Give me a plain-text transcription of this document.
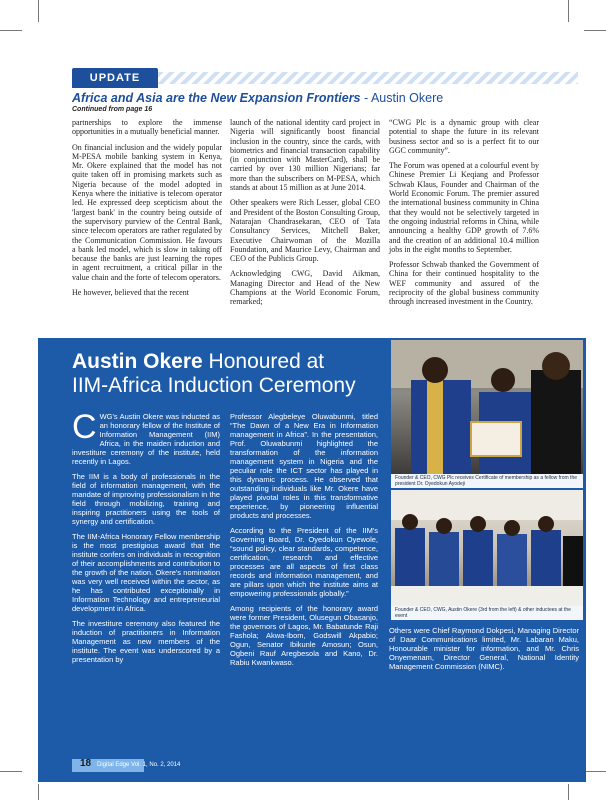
UPDATE
Africa and Asia are the New Expansion Frontiers - Austin Okere
Continued from page 16

partnerships to explore the immense opportunities in a mutually beneficial manner.

On financial inclusion and the widely popular M-PESA mobile banking system in Kenya, Mr. Okere explained that the model has not quite taken off in promising markets such as Nigeria because of the model adopted in Kenya where the initiative is telecom operator led. He expressed deep scepticism about the 'largest bank' in the country being outside of the supervisory purview of the Central Bank, since telecom operators are rather regulated by the Communication Commission. He favours a bank led model, which is slow in taking off because the banks are just learning the ropes in agent recruitment, a critical pillar in the value chain and the forte of telecom operators.

He however, believed that the recent

launch of the national identity card project in Nigeria will significantly boost financial inclusion in the country, since the cards, with biometrics and financial transaction capability (in conjunction with MasterCard), shall be carried by over 130 million Nigerians; far more than the subscribers on M-PESA, which stands at about 15 million as at June 2014.

Other speakers were Rich Lesser, global CEO and President of the Boston Consulting Group, Natarajan Chandrasekaran, CEO of Tata Consultancy Services, Mitchell Baker, Executive Chairwoman of the Mozilla Foundation, and Maurice Levy, Chairman and CEO of the Publicis Group.

Acknowledging CWG, David Aikman, Managing Director and Head of the New Champions at the World Economic Forum, remarked;

“CWG Plc is a dynamic group with clear potential to shape the future in its relevant business sector and so is a perfect fit to our GGC community”.

The Forum was opened at a colourful event by Chinese Premier Li Keqiang and Professor Schwab Klaus, Founder and Chairman of the World Economic Forum. The premier assured the international business community in China that they would not be selectively targeted in the ongoing industrial reforms in China, while announcing a healthy GDP growth of 7.6% and the creation of an additional 10.4 million jobs in the eight months to September.

Professor Schwab thanked the Government of China for their continued hospitality to the WEF community and assured of the reciprocity of the global business community through increased investment in the Country.

Austin Okere Honoured at
IIM-Africa Induction Ceremony

CWG's Austin Okere was inducted as an honorary fellow of the Institute of Information Management (IIM) Africa, in the maiden induction and investiture ceremony of the institute, held recently in Lagos.

The IIM is a body of professionals in the field of information management, with the mandate of improving professionalism in the field through mobilizing, training and inspiring practitioners using the tools of synergy and certification.

The IIM-Africa Honorary Fellow membership is the most prestigious award that the institute confers on individuals in recognition of their accomplishments and contribution to the growth of the nation. Okere's nomination was very well received within the sector, as he has contributed exceptionally in Information Technology and entrepreneurial development in Africa.

The investiture ceremony also featured the induction of practitioners in Information Management as new members of the institute. The event was underscored by a presentation by

Professor Alegbeleye Oluwabunmi, titled “The Dawn of a New Era in Information management in Africa”. In the presentation, Prof. Oluwabunmi highlighted the transformation of the information management system in Nigeria and the peculiar role the ICT sector has played in this dynamic process. He observed that outstanding individuals like Mr. Okere have played pivotal roles in this transformative experience, by pioneering influential products and processes.

According to the President of the IIM's Governing Board, Dr. Oyedokun Oyewole, “sound policy, clear standards, competence, certification, research and effective processes are all aspects of first class records and information management, and are pillars upon which the institute aims at empowering professionals globally.”

Among recipients of the honorary award were former President, Olusegun Obasanjo, the governors of Lagos, Mr. Babatunde Raji Fashola; Akwa-Ibom, Godswill Akpabio; Ogun, Senator Ibikunle Amosun; Osun, Ogbeni Rauf Aregbesola and Kano, Dr. Rabiu Kwankwaso.

Others were Chief Raymond Dokpesi, Managing Director of Daar Communications limited, Mr. Labaran Maku, Honourable minister for information, and Mr. Chris Onyemenam, Director General, National Identity Management Commission (NIMC).

Founder & CEO, CWG Plc receives Certificate of membership as a fellow from the president Dr. Oyedokun Ayodeji
Founder & CEO, CWG, Austin Okere (3rd from the left) & other inductees at the event
18 Digital Edge Vol. 1, No. 2, 2014
